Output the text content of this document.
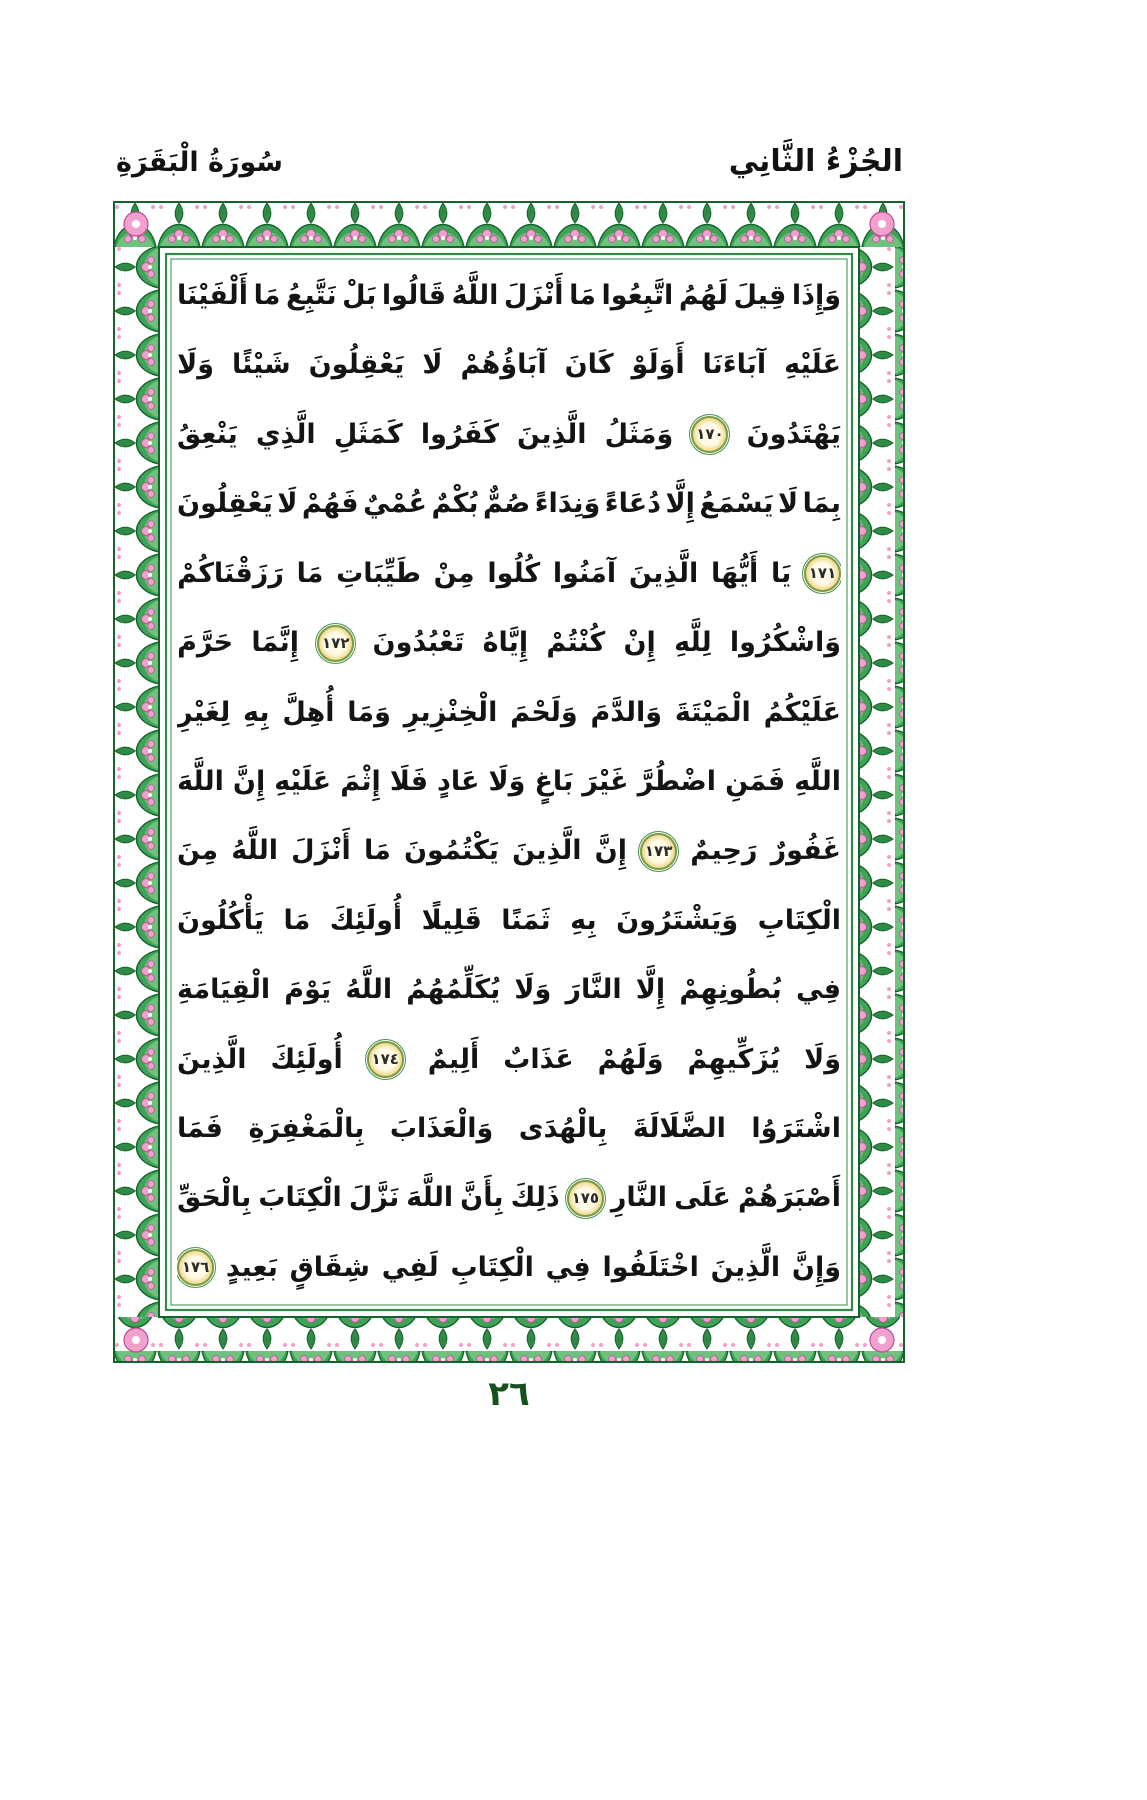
الجُزْءُ الثَّانِي
سُورَةُ الْبَقَرَةِ
وَإِذَا
قِيلَ
لَهُمُ
اتَّبِعُوا
مَا
أَنْزَلَ
اللَّهُ
قَالُوا
بَلْ
نَتَّبِعُ
مَا
أَلْفَيْنَا
عَلَيْهِ
آبَاءَنَا
أَوَلَوْ
كَانَ
آبَاؤُهُمْ
لَا
يَعْقِلُونَ
شَيْئًا
وَلَا
يَهْتَدُونَ
١٧٠
وَمَثَلُ
الَّذِينَ
كَفَرُوا
كَمَثَلِ
الَّذِي
يَنْعِقُ
بِمَا
لَا
يَسْمَعُ
إِلَّا
دُعَاءً
وَنِدَاءً
صُمٌّ
بُكْمٌ
عُمْيٌ
فَهُمْ
لَا
يَعْقِلُونَ
١٧١
يَا
أَيُّهَا
الَّذِينَ
آمَنُوا
كُلُوا
مِنْ
طَيِّبَاتِ
مَا
رَزَقْنَاكُمْ
وَاشْكُرُوا
لِلَّهِ
إِنْ
كُنْتُمْ
إِيَّاهُ
تَعْبُدُونَ
١٧٢
إِنَّمَا
حَرَّمَ
عَلَيْكُمُ
الْمَيْتَةَ
وَالدَّمَ
وَلَحْمَ
الْخِنْزِيرِ
وَمَا
أُهِلَّ
بِهِ
لِغَيْرِ
اللَّهِ
فَمَنِ
اضْطُرَّ
غَيْرَ
بَاغٍ
وَلَا
عَادٍ
فَلَا
إِثْمَ
عَلَيْهِ
إِنَّ
اللَّهَ
غَفُورٌ
رَحِيمٌ
١٧٣
إِنَّ
الَّذِينَ
يَكْتُمُونَ
مَا
أَنْزَلَ
اللَّهُ
مِنَ
الْكِتَابِ
وَيَشْتَرُونَ
بِهِ
ثَمَنًا
قَلِيلًا
أُولَئِكَ
مَا
يَأْكُلُونَ
فِي
بُطُونِهِمْ
إِلَّا
النَّارَ
وَلَا
يُكَلِّمُهُمُ
اللَّهُ
يَوْمَ
الْقِيَامَةِ
وَلَا
يُزَكِّيهِمْ
وَلَهُمْ
عَذَابٌ
أَلِيمٌ
١٧٤
أُولَئِكَ
الَّذِينَ
اشْتَرَوُا
الضَّلَالَةَ
بِالْهُدَى
وَالْعَذَابَ
بِالْمَغْفِرَةِ
فَمَا
أَصْبَرَهُمْ
عَلَى
النَّارِ
١٧٥
ذَلِكَ
بِأَنَّ
اللَّهَ
نَزَّلَ
الْكِتَابَ
بِالْحَقِّ
وَإِنَّ
الَّذِينَ
اخْتَلَفُوا
فِي
الْكِتَابِ
لَفِي
شِقَاقٍ
بَعِيدٍ
١٧٦
٢٦
